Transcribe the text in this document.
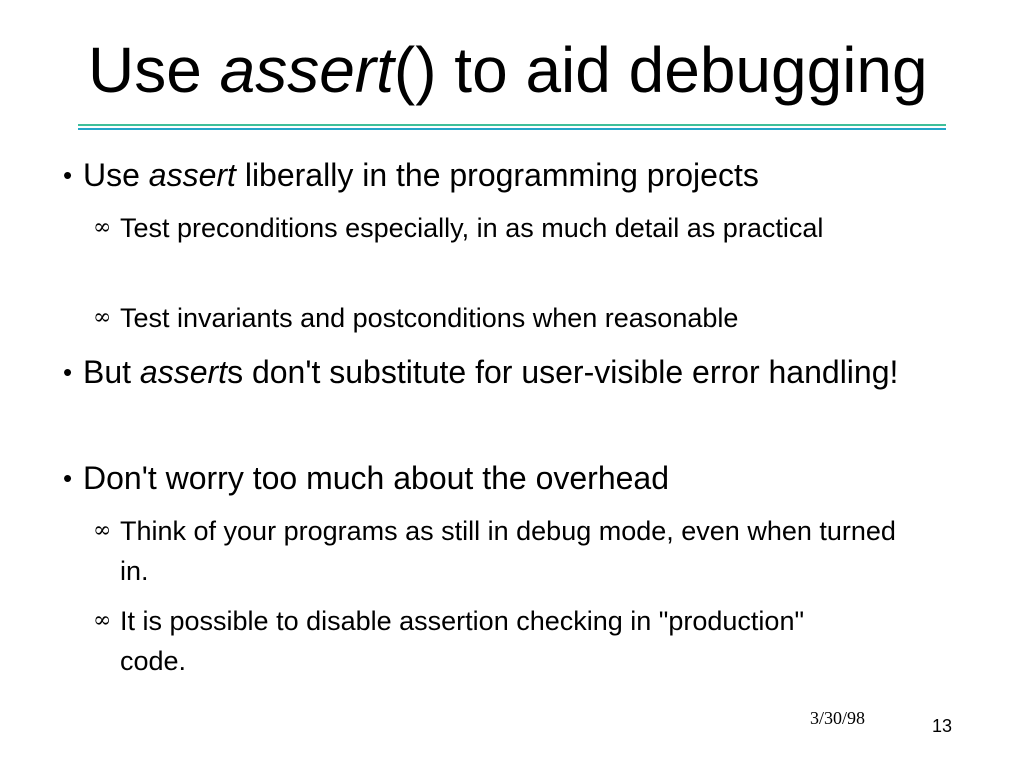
Use assert() to aid debugging
• Use assert liberally in the programming projects
∞ Test preconditions especially, in as much detail as practical
∞ Test invariants and postconditions when reasonable
• But asserts don't substitute for user-visible error handling!
• Don't worry too much about the overhead
∞ Think of your programs as still in debug mode, even when turned in.
∞ It is possible to disable assertion checking in "production" code.
3/30/98	13
